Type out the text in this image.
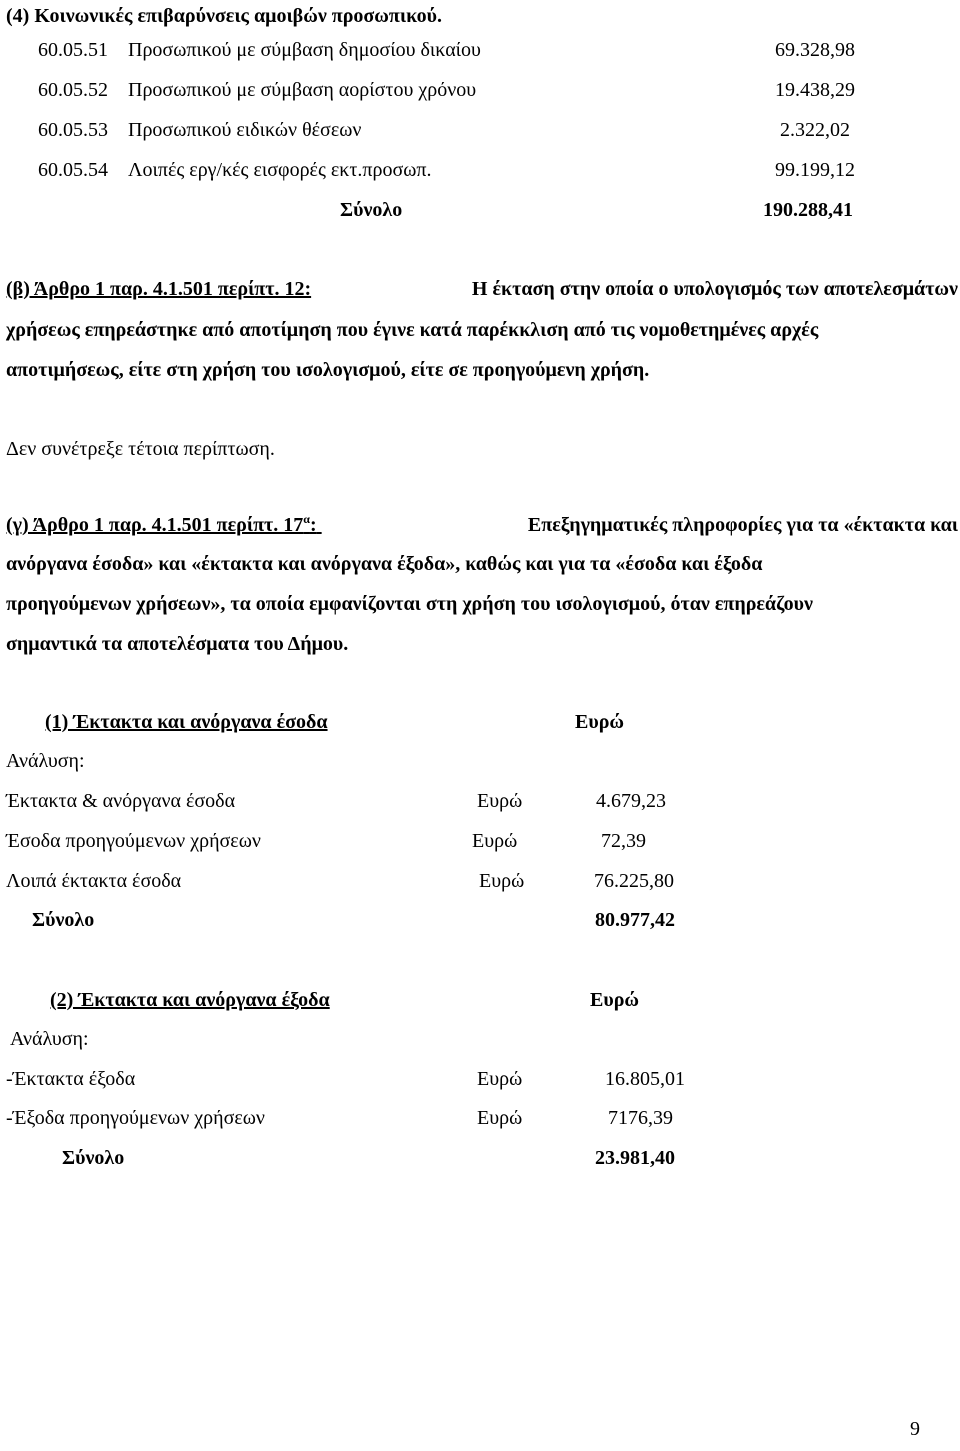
(4) Κοινωνικές επιβαρύνσεις αμοιβών προσωπικού.
60.05.51 Προσωπικού με σύμβαση δημοσίου δικαίου	69.328,98
60.05.52 Προσωπικού με σύμβαση αορίστου χρόνου	19.438,29
60.05.53 Προσωπικού ειδικών θέσεων	2.322,02
60.05.54 Λοιπές εργ/κές εισφορές εκτ.προσωπ.	99.199,12
Σύνολο	190.288,41
(β) Άρθρο 1 παρ. 4.1.501 περίπτ. 12:	Η έκταση στην οποία ο υπολογισμός των αποτελεσμάτων
χρήσεως επηρεάστηκε από αποτίμηση που έγινε κατά παρέκκλιση από τις νομοθετημένες αρχές
αποτιμήσεως, είτε στη χρήση του ισολογισμού, είτε σε προηγούμενη χρήση.
Δεν συνέτρεξε τέτοια περίπτωση.
(γ) Άρθρο 1 παρ. 4.1.501 περίπτ. $17^\alpha$:	Επεξηγηματικές πληροφορίες για τα «έκτακτα και
ανόργανα έσοδα» και «έκτακτα και ανόργανα έξοδα», καθώς και για τα «έσοδα και έξοδα
προηγούμενων χρήσεων», τα οποία εμφανίζονται στη χρήση του ισολογισμού, όταν επηρεάζουν
σημαντικά τα αποτελέσματα του Δήμου.
(1) Έκτακτα και ανόργανα έσοδα	Ευρώ
Ανάλυση:
Έκτακτα & ανόργανα έσοδα	Ευρώ	4.679,23
Έσοδα προηγούμενων χρήσεων	Ευρώ	72,39
Λοιπά έκτακτα έσοδα	Ευρώ	76.225,80
Σύνολο	80.977,42
(2) Έκτακτα και ανόργανα έξοδα	Ευρώ
Ανάλυση:
-Έκτακτα έξοδα	Ευρώ	16.805,01
-Έξοδα προηγούμενων χρήσεων	Ευρώ	7176,39
Σύνολο	23.981,40
9
